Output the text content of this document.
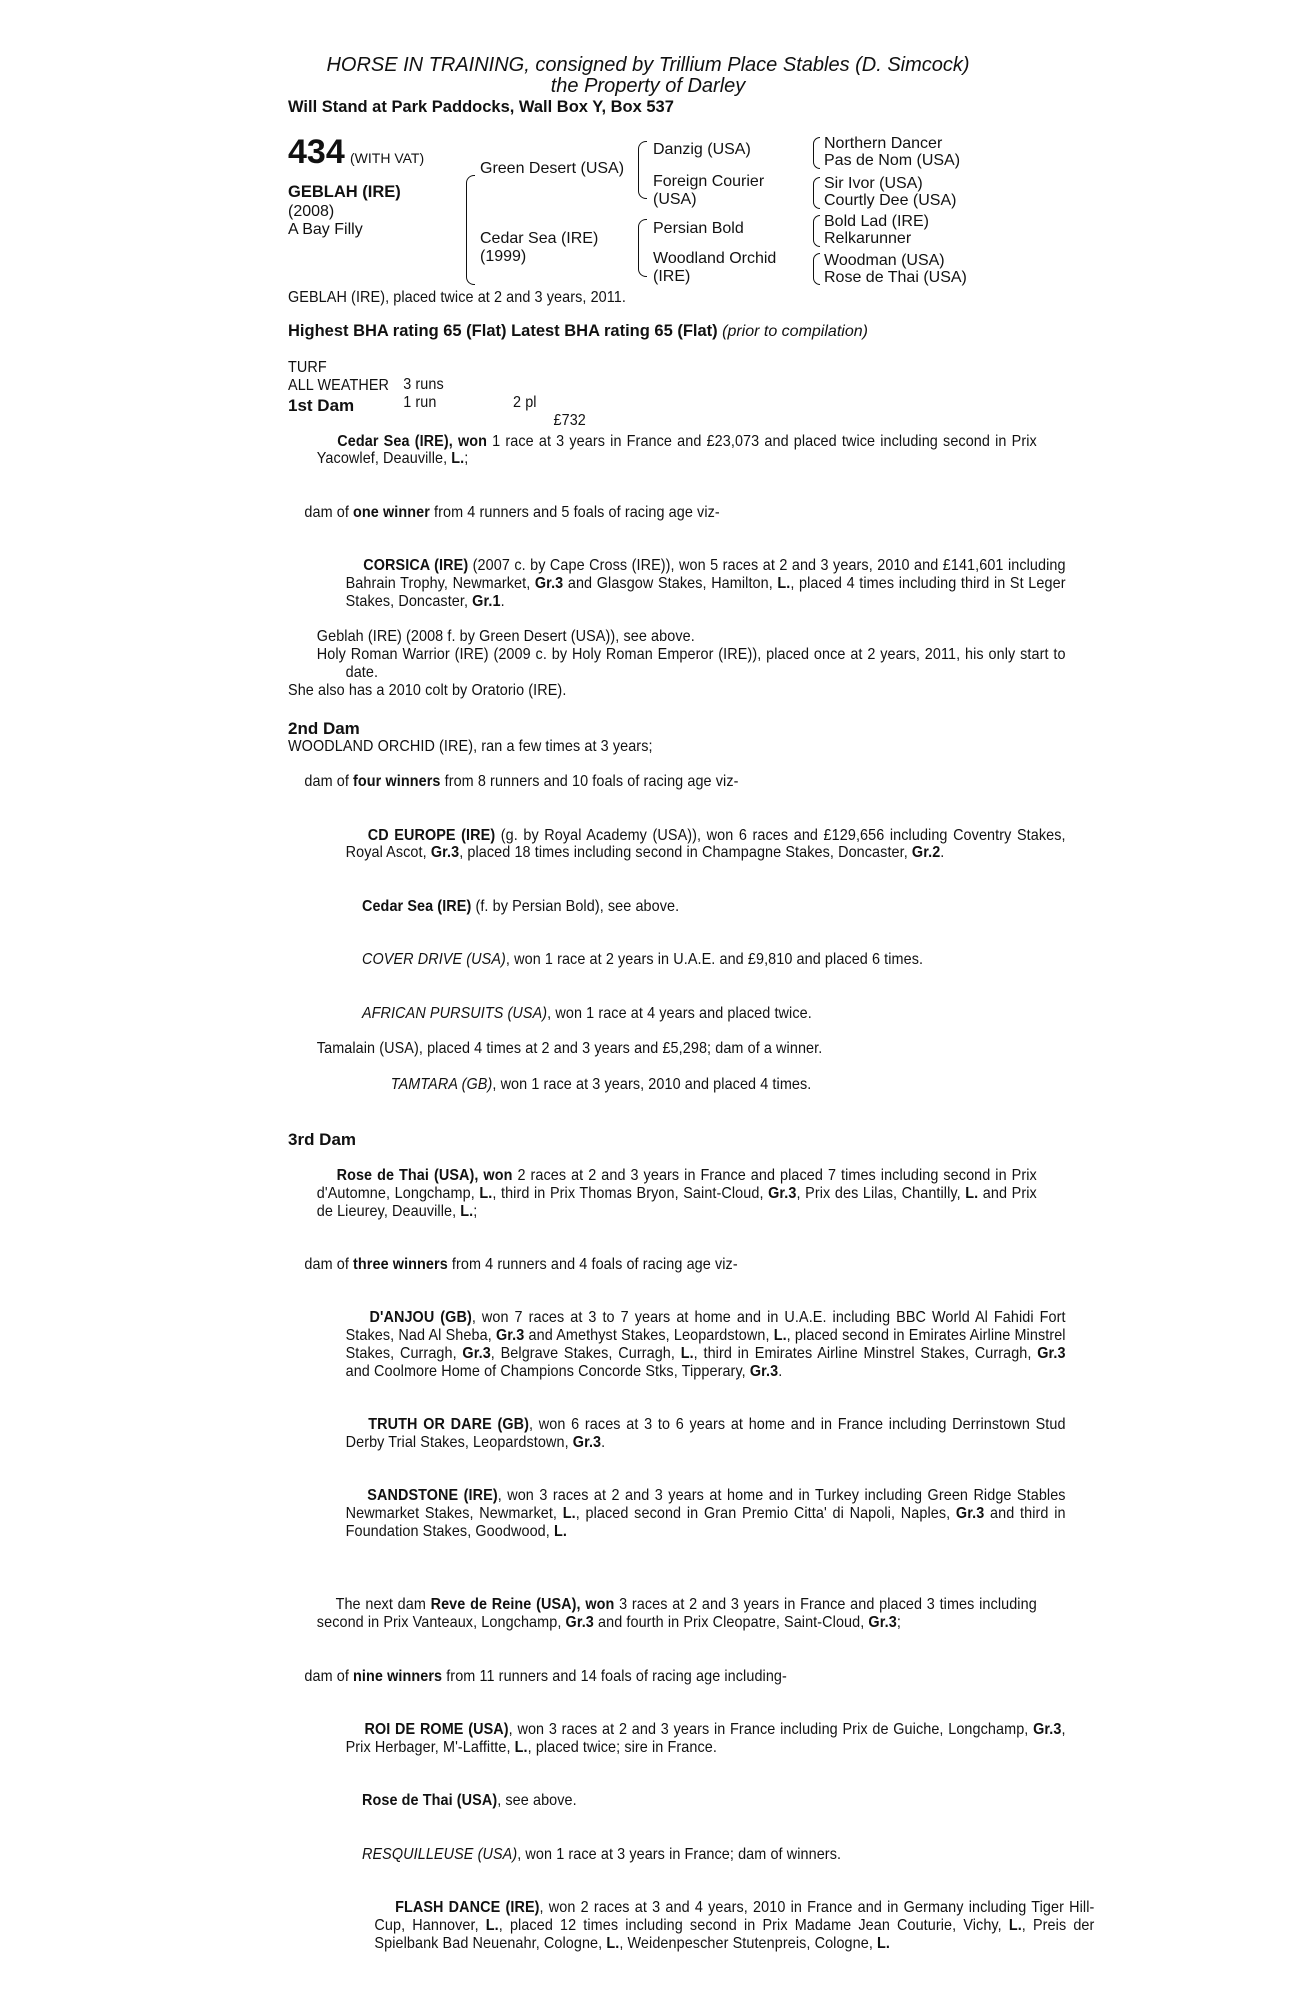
HORSE IN TRAINING, consigned by Trillium Place Stables (D. Simcock)
the Property of Darley
Will Stand at Park Paddocks, Wall Box Y, Box 537
434 (WITH VAT)
GEBLAH (IRE)
(2008)
A Bay Filly
Green Desert (USA)
Cedar Sea (IRE)
(1999)
Danzig (USA)
Foreign Courier
(USA)
Persian Bold
Woodland Orchid
(IRE)
Northern Dancer
Pas de Nom (USA)
Sir Ivor (USA)
Courtly Dee (USA)
Bold Lad (IRE)
Relkarunner
Woodman (USA)
Rose de Thai (USA)
GEBLAH (IRE), placed twice at 2 and 3 years, 2011.
Highest BHA rating 65 (Flat) Latest BHA rating 65 (Flat) (prior to compilation)

TURF

3 runs

2 pl

£732

ALL WEATHER

1 run

1st Dam

Cedar Sea (IRE), won 1 race at 3 years in France and £23,073 and placed twice including second in Prix Yacowlef, Deauville, L.;

dam of one winner from 4 runners and 5 foals of racing age viz-

CORSICA (IRE) (2007 c. by Cape Cross (IRE)), won 5 races at 2 and 3 years, 2010 and £141,601 including Bahrain Trophy, Newmarket, Gr.3 and Glasgow Stakes, Hamilton, L., placed 4 times including third in St Leger Stakes, Doncaster, Gr.1.

Geblah (IRE) (2008 f. by Green Desert (USA)), see above.
Holy Roman Warrior (IRE) (2009 c. by Holy Roman Emperor (IRE)), placed once at 2 years, 2011, his only start to date.
She also has a 2010 colt by Oratorio (IRE).
2nd Dam
WOODLAND ORCHID (IRE), ran a few times at 3 years;

dam of four winners from 8 runners and 10 foals of racing age viz-

CD EUROPE (IRE) (g. by Royal Academy (USA)), won 6 races and £129,656 including Coventry Stakes, Royal Ascot, Gr.3, placed 18 times including second in Champagne Stakes, Doncaster, Gr.2.

Cedar Sea (IRE) (f. by Persian Bold), see above.

COVER DRIVE (USA), won 1 race at 2 years in U.A.E. and £9,810 and placed 6 times.

AFRICAN PURSUITS (USA), won 1 race at 4 years and placed twice.

Tamalain (USA), placed 4 times at 2 and 3 years and £5,298; dam of a winner.

TAMTARA (GB), won 1 race at 3 years, 2010 and placed 4 times.

3rd Dam

Rose de Thai (USA), won 2 races at 2 and 3 years in France and placed 7 times including second in Prix d'Automne, Longchamp, L., third in Prix Thomas Bryon, Saint-Cloud, Gr.3, Prix des Lilas, Chantilly, L. and Prix de Lieurey, Deauville, L.;

dam of three winners from 4 runners and 4 foals of racing age viz-

D'ANJOU (GB), won 7 races at 3 to 7 years at home and in U.A.E. including BBC World Al Fahidi Fort Stakes, Nad Al Sheba, Gr.3 and Amethyst Stakes, Leopardstown, L., placed second in Emirates Airline Minstrel Stakes, Curragh, Gr.3, Belgrave Stakes, Curragh, L., third in Emirates Airline Minstrel Stakes, Curragh, Gr.3 and Coolmore Home of Champions Concorde Stks, Tipperary, Gr.3.

TRUTH OR DARE (GB), won 6 races at 3 to 6 years at home and in France including Derrinstown Stud Derby Trial Stakes, Leopardstown, Gr.3.

SANDSTONE (IRE), won 3 races at 2 and 3 years at home and in Turkey including Green Ridge Stables Newmarket Stakes, Newmarket, L., placed second in Gran Premio Citta' di Napoli, Naples, Gr.3 and third in Foundation Stakes, Goodwood, L.

The next dam Reve de Reine (USA), won 3 races at 2 and 3 years in France and placed 3 times including second in Prix Vanteaux, Longchamp, Gr.3 and fourth in Prix Cleopatre, Saint-Cloud, Gr.3;

dam of nine winners from 11 runners and 14 foals of racing age including-

ROI DE ROME (USA), won 3 races at 2 and 3 years in France including Prix de Guiche, Longchamp, Gr.3, Prix Herbager, M'-Laffitte, L., placed twice; sire in France.

Rose de Thai (USA), see above.

RESQUILLEUSE (USA), won 1 race at 3 years in France; dam of winners.

FLASH DANCE (IRE), won 2 races at 3 and 4 years, 2010 in France and in Germany including Tiger Hill-Cup, Hannover, L., placed 12 times including second in Prix Madame Jean Couturie, Vichy, L., Preis der Spielbank Bad Neuenahr, Cologne, L., Weidenpescher Stutenpreis, Cologne, L.
